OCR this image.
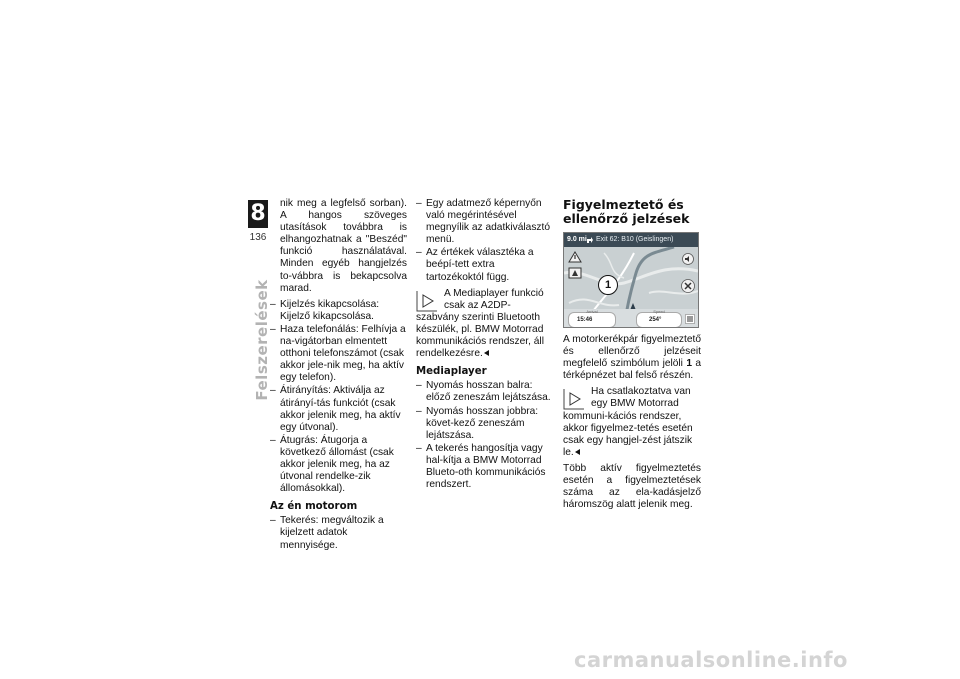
8
136
Felszerelések

nik meg a legfelső sorban). A hangos szöveges utasítások továbbra is elhangozhatnak a "Beszéd" funkció használatával. Minden egyéb hangjelzés to-vábbra is bekapcsolva marad.

– Kijelzés kikapcsolása: Kijelző kikapcsolása.
– Haza telefonálás: Felhívja a na-vigátorban elmentett otthoni telefonszámot (csak akkor jele-nik meg, ha aktív egy telefon).
– Átirányítás: Aktiválja az átirányí-tás funkciót (csak akkor jelenik meg, ha aktív egy útvonal).
– Átugrás: Átugorja a következő állomást (csak akkor jelenik meg, ha az útvonal rendelke-zik állomásokkal).
Az én motorom
– Tekerés: megváltozik a kijelzett adatok mennyisége.
– Egy adatmező képernyőn való megérintésével megnyílik az adatkiválasztó menü.
– Az értékek választéka a beépí-tett extra tartozékoktól függ.
A Mediaplayer funkció csak az A2DP-szabvány szerinti Bluetooth készülék, pl. BMW Motorrad kommunikációs rendszer, áll rendelkezésre.
Mediaplayer
– Nyomás hosszan balra: előző zeneszám lejátszása.
– Nyomás hosszan jobbra: követ-kező zeneszám lejátszása.
– A tekerés hangosítja vagy hal-kítja a BMW Motorrad Blueto-oth kommunikációs rendszert.
Figyelmeztető és ellenőrző jelzések
9.0 mi Exit 62: B10 (Geislingen)
1
Arrival
15:46
Speed
254°

A motorkerékpár figyelmeztető és ellenőrző jelzéseit megfelelő szimbólum jelöli 1 a térképnézet bal felső részén.

Ha csatlakoztatva van egy BMW Motorrad kommuni-kációs rendszer, akkor figyelmez-tetés esetén csak egy hangjel-zést játszik le.

Több aktív figyelmeztetés esetén a figyelmeztetések száma az ela-kadásjelző háromszög alatt jelenik meg.

carmanualsonline.info
